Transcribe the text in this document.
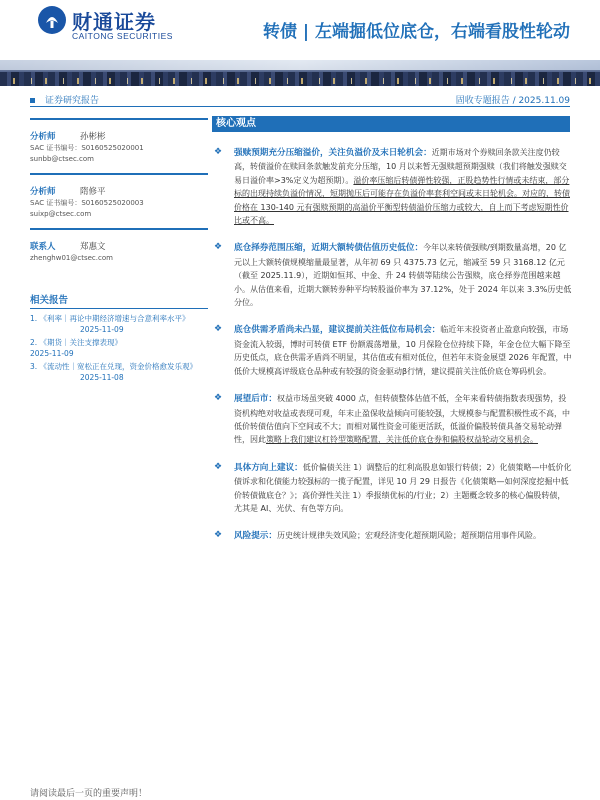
财通证券
CAITONG SECURITIES	转债 | 左端掘低位底仓，右端看股性轮动
证券研究报告	固收专题报告 / 2025.11.09
分析师	孙彬彬
SAC 证书编号：S0160525020001
sunbb@ctsec.com
分析师	隋修平
SAC 证书编号：S0160525020003
suixp@ctsec.com
联系人	郑惠文
zhenghw01@ctsec.com
相关报告
1. 《利率｜再论中期经济增速与合意利率水平》
2025-11-09
2. 《期货｜关注支撑表现》
2025-11-09
3. 《流动性｜宽松正在兑现，资金价格愈发乐观》
2025-11-08
核心观点
❖ 强赎预期充分压缩溢价，关注负溢价及末日轮机会：近期市场对个券赎回条款关注度仍较高，转债溢价在赎回条款触发前充分压缩，10 月以来暂无强赎超预期强赎（我们将触发强赎交易日溢价率>3%定义为超预期）。溢价率压缩后转债弹性较强，正股趋势性行情或未结束，部分标的出现持续负溢价情况，短期抛压后可能存在负溢价率套利空间或末日轮机会。对应的，转债价格在 130-140 元有强赎预期的高溢价平衡型转债溢价压缩力或较大，自上而下考虑短期性价比或不高。
❖ 底仓择券范围压缩，近期大额转债估值历史低位：今年以来转债强赎/到期数量高增，20 亿元以上大额转债规模缩量最显著，从年初 69 只 4375.73 亿元，缩减至 59 只 3168.12 亿元（截至 2025.11.9），近期如恒邦、中金、升 24 转债等陆续公告强赎，底仓择券范围越来越小。从估值来看，近期大额转券种平均转股溢价率为 37.12%，处于 2024 年以来 3.3%历史低分位。
❖ 底仓供需矛盾尚未凸显，建议提前关注低位布局机会：临近年末投资者止盈意向较强，市场资金流入较弱，博时可转债 ETF 份额震荡增量，10 月保险仓位持续下降，年金仓位大幅下降至历史低点，底仓供需矛盾尚不明显，其估值或有相对低位，但若年末资金展望 2026 年配置，中低价大规模高评级底仓品种或有较强的资金驱动β行情，建议提前关注低价底仓筹码机会。
❖ 展望后市：权益市场虽突破 4000 点，但转债整体估值不低，全年来看转债指数表现强势，投资机构绝对收益或表现可观，年末止盈保收益倾向可能较强，大规模参与配置积极性或不高，中低价转债估值向下空间或不大；而相对属性资金可能更活跃，低溢价偏股转债具备交易轮动弹性，因此策略上我们建议杠铃型策略配置，关注低价底仓券和偏股权益轮动交易机会。
❖ 具体方向上建议：低价偏债关注 1）调整后的红利高股息如银行转债；2）化债策略—中低价化债诉求和化债能力较强标的一揽子配置，详见 10 月 29 日报告《化债策略—如何深度挖掘中低价转债做底仓？》；高价弹性关注 1）季报绩优标的/行业；2）主题概念较多的核心偏股转债，尤其是 AI、光伏、有色等方向。
❖ 风险提示：历史统计规律失效风险；宏观经济变化超预期风险；超预期信用事件风险。
请阅读最后一页的重要声明！
